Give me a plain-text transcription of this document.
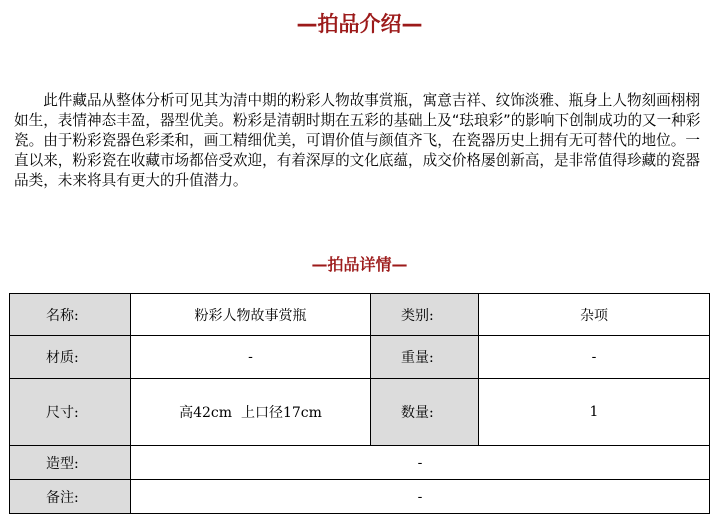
—拍品介绍—

此件藏品从整体分析可见其为清中期的粉彩人物故事赏瓶，寓意吉祥、纹饰淡雅、瓶身上人物刻画栩栩如生，表情神态丰盈，器型优美。粉彩是清朝时期在五彩的基础上及“珐琅彩”的影响下创制成功的又一种彩瓷。由于粉彩瓷器色彩柔和，画工精细优美，可谓价值与颜值齐飞，在瓷器历史上拥有无可替代的地位。一直以来，粉彩瓷在收藏市场都倍受欢迎，有着深厚的文化底蕴，成交价格屡创新高，是非常值得珍藏的瓷器品类，未来将具有更大的升值潜力。

—拍品详情—
名称:	粉彩人物故事赏瓶	类别:	杂项
材质:	-	重量:	-
尺寸:	高42cm  上口径17cm	数量:	1
造型:	-		
备注:	-		
